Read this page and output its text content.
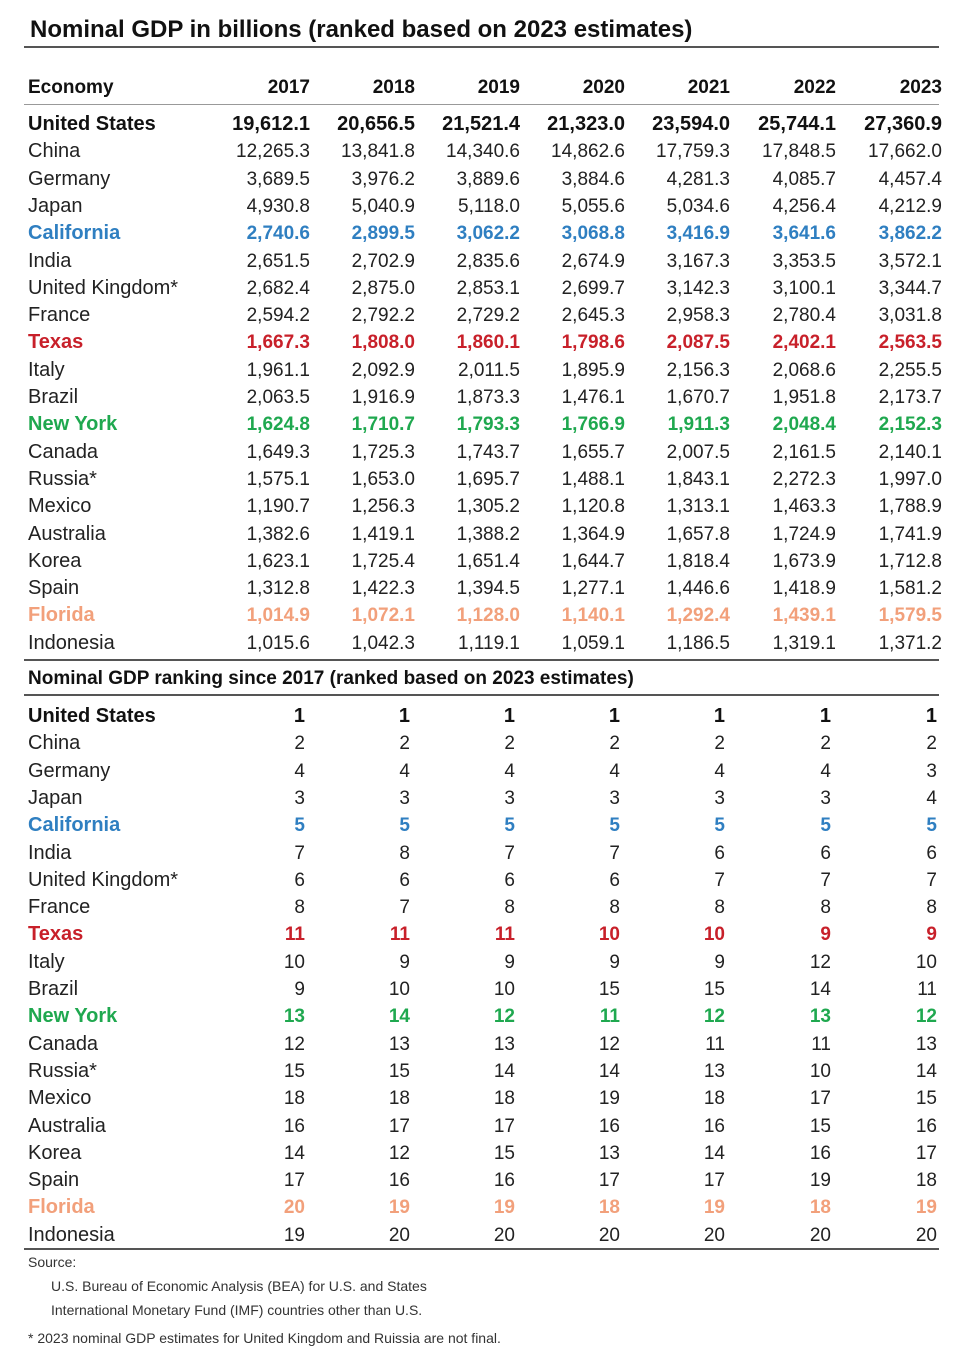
Nominal GDP in billions (ranked based on 2023 estimates)
Economy	2017	2018	2019	2020	2021	2022	2023
United States	19,612.1	20,656.5	21,521.4	21,323.0	23,594.0	25,744.1	27,360.9
China	12,265.3	13,841.8	14,340.6	14,862.6	17,759.3	17,848.5	17,662.0
Germany	3,689.5	3,976.2	3,889.6	3,884.6	4,281.3	4,085.7	4,457.4
Japan	4,930.8	5,040.9	5,118.0	5,055.6	5,034.6	4,256.4	4,212.9
California	2,740.6	2,899.5	3,062.2	3,068.8	3,416.9	3,641.6	3,862.2
India	2,651.5	2,702.9	2,835.6	2,674.9	3,167.3	3,353.5	3,572.1
United Kingdom*	2,682.4	2,875.0	2,853.1	2,699.7	3,142.3	3,100.1	3,344.7
France	2,594.2	2,792.2	2,729.2	2,645.3	2,958.3	2,780.4	3,031.8
Texas	1,667.3	1,808.0	1,860.1	1,798.6	2,087.5	2,402.1	2,563.5
Italy	1,961.1	2,092.9	2,011.5	1,895.9	2,156.3	2,068.6	2,255.5
Brazil	2,063.5	1,916.9	1,873.3	1,476.1	1,670.7	1,951.8	2,173.7
New York	1,624.8	1,710.7	1,793.3	1,766.9	1,911.3	2,048.4	2,152.3
Canada	1,649.3	1,725.3	1,743.7	1,655.7	2,007.5	2,161.5	2,140.1
Russia*	1,575.1	1,653.0	1,695.7	1,488.1	1,843.1	2,272.3	1,997.0
Mexico	1,190.7	1,256.3	1,305.2	1,120.8	1,313.1	1,463.3	1,788.9
Australia	1,382.6	1,419.1	1,388.2	1,364.9	1,657.8	1,724.9	1,741.9
Korea	1,623.1	1,725.4	1,651.4	1,644.7	1,818.4	1,673.9	1,712.8
Spain	1,312.8	1,422.3	1,394.5	1,277.1	1,446.6	1,418.9	1,581.2
Florida	1,014.9	1,072.1	1,128.0	1,140.1	1,292.4	1,439.1	1,579.5
Indonesia	1,015.6	1,042.3	1,119.1	1,059.1	1,186.5	1,319.1	1,371.2
Nominal GDP ranking since 2017 (ranked based on 2023 estimates)
United States	1	1	1	1	1	1	1
China	2	2	2	2	2	2	2
Germany	4	4	4	4	4	4	3
Japan	3	3	3	3	3	3	4
California	5	5	5	5	5	5	5
India	7	8	7	7	6	6	6
United Kingdom*	6	6	6	6	7	7	7
France	8	7	8	8	8	8	8
Texas	11	11	11	10	10	9	9
Italy	10	9	9	9	9	12	10
Brazil	9	10	10	15	15	14	11
New York	13	14	12	11	12	13	12
Canada	12	13	13	12	11	11	13
Russia*	15	15	14	14	13	10	14
Mexico	18	18	18	19	18	17	15
Australia	16	17	17	16	16	15	16
Korea	14	12	15	13	14	16	17
Spain	17	16	16	17	17	19	18
Florida	20	19	19	18	19	18	19
Indonesia	19	20	20	20	20	20	20
Source:
U.S. Bureau of Economic Analysis (BEA) for U.S. and States
International Monetary Fund (IMF) countries other than U.S.
* 2023 nominal GDP estimates for United Kingdom and Ruissia are not final.
